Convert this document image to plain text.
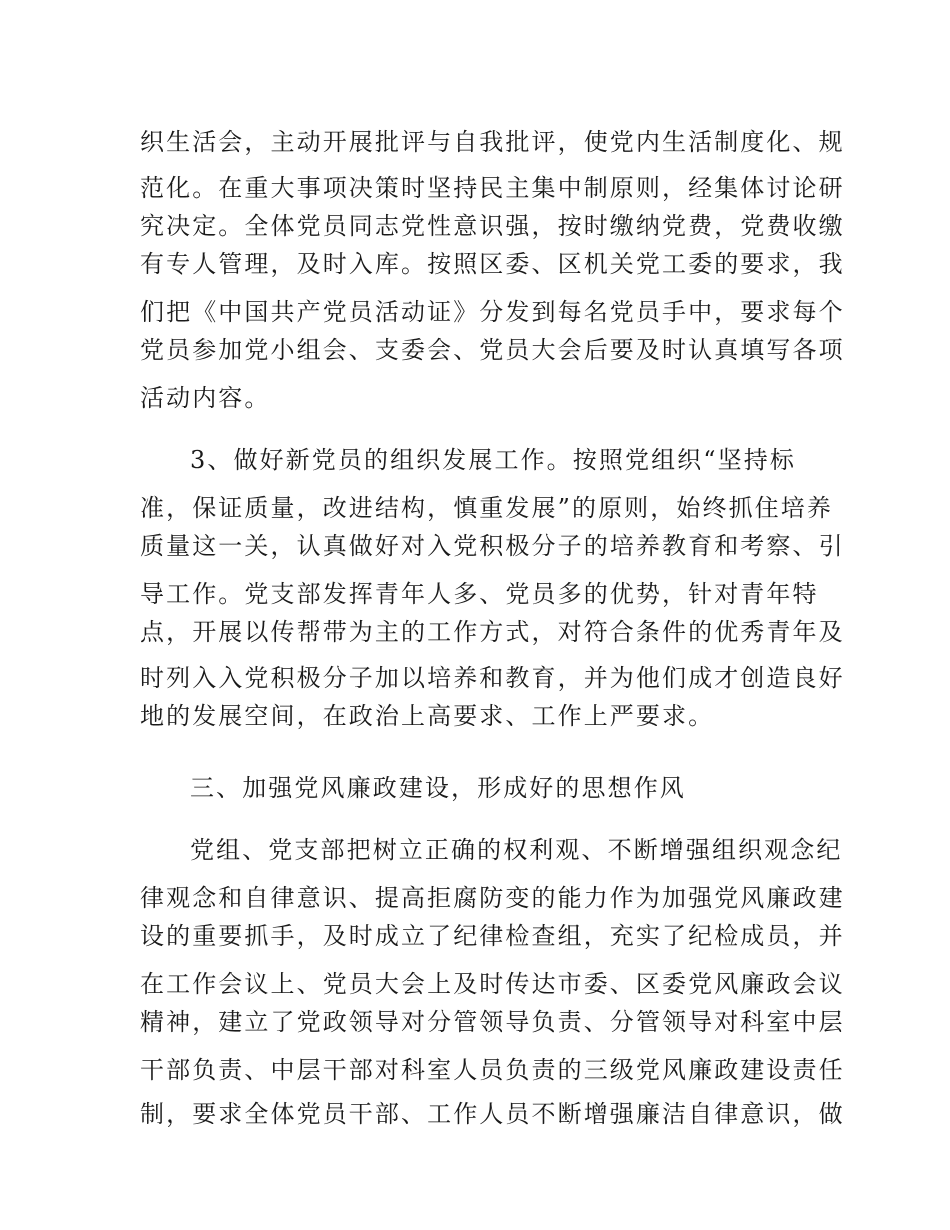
织生活会，主动开展批评与自我批评，使党内生活制度化、规
范化。在重大事项决策时坚持民主集中制原则，经集体讨论研
究决定。全体党员同志党性意识强，按时缴纳党费，党费收缴
有专人管理，及时入库。按照区委、区机关党工委的要求，我
们把《中国共产党员活动证》分发到每名党员手中，要求每个
党员参加党小组会、支委会、党员大会后要及时认真填写各项
活动内容。
3、做好新党员的组织发展工作。按照党组织“坚持标
准，保证质量，改进结构，慎重发展”的原则，始终抓住培养
质量这一关，认真做好对入党积极分子的培养教育和考察、引
导工作。党支部发挥青年人多、党员多的优势，针对青年特
点，开展以传帮带为主的工作方式，对符合条件的优秀青年及
时列入入党积极分子加以培养和教育，并为他们成才创造良好
地的发展空间，在政治上高要求、工作上严要求。
三、加强党风廉政建设，形成好的思想作风
党组、党支部把树立正确的权利观、不断增强组织观念纪
律观念和自律意识、提高拒腐防变的能力作为加强党风廉政建
设的重要抓手，及时成立了纪律检查组，充实了纪检成员，并
在工作会议上、党员大会上及时传达市委、区委党风廉政会议
精神，建立了党政领导对分管领导负责、分管领导对科室中层
干部负责、中层干部对科室人员负责的三级党风廉政建设责任
制，要求全体党员干部、工作人员不断增强廉洁自律意识，做
